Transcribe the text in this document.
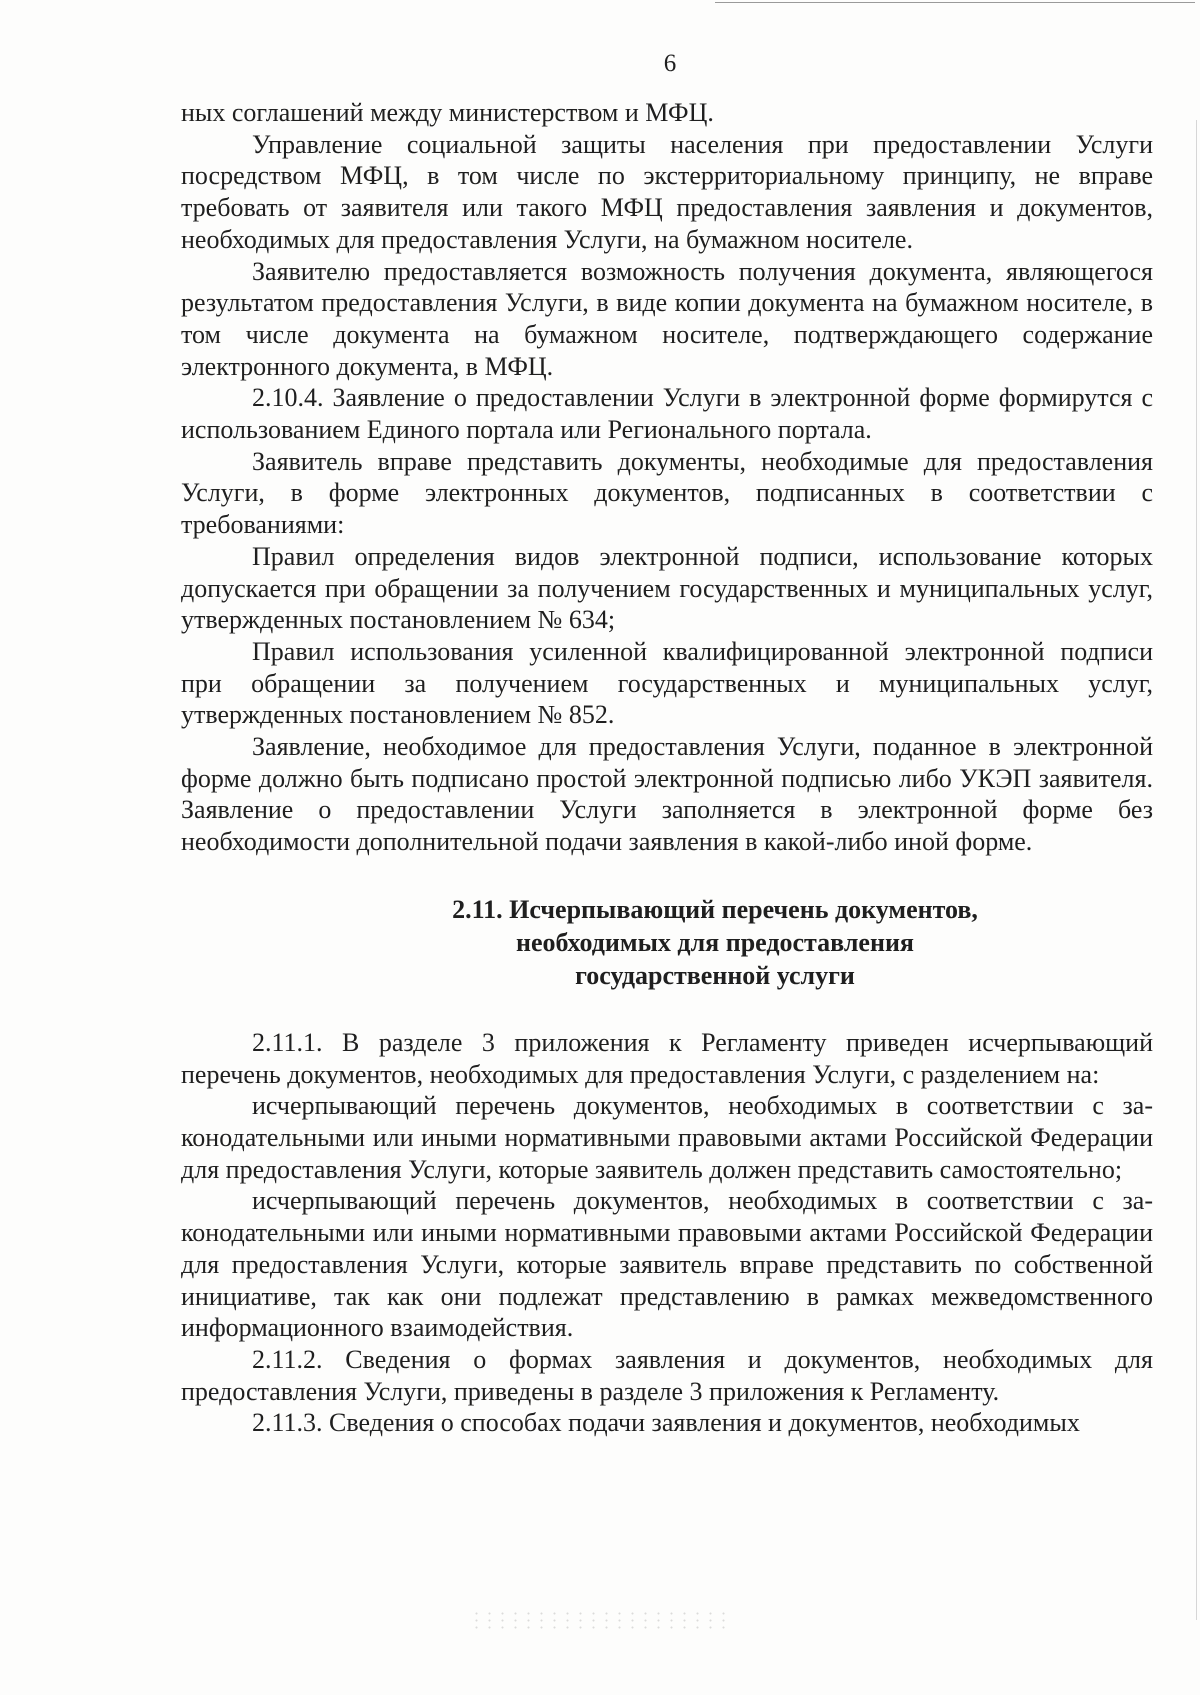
6

ных соглашений между министерством и МФЦ.

Управление социальной защиты населения при предоставлении Услуги посредством МФЦ, в том числе по экстерриториальному принципу, не вправе требовать от заявителя или такого МФЦ предоставления заявления и документов, необходимых для предоставления Услуги, на бумажном носителе.

Заявителю предоставляется возможность получения документа, являющегося результатом предоставления Услуги, в виде копии документа на бумажном носителе, в том числе документа на бумажном носителе, подтверждающего содержание электронного документа, в МФЦ.

2.10.4. Заявление о предоставлении Услуги в электронной форме формирутся с использованием Единого портала или Регионального портала.

Заявитель вправе представить документы, необходимые для предоставления Услуги, в форме электронных документов, подписанных в соответствии с требованиями:

Правил определения видов электронной подписи, использование которых допускается при обращении за получением государственных и муниципальных услуг, утвержденных постановлением № 634;

Правил использования усиленной квалифицированной электронной подписи при обращении за получением государственных и муниципальных услуг, утвержденных постановлением № 852.

Заявление, необходимое для предоставления Услуги, поданное в электронной форме должно быть подписано простой электронной подписью либо УКЭП заявителя. Заявление о предоставлении Услуги заполняется в электронной форме без необходимости дополнительной подачи заявления в какой-либо иной форме.

2.11. Исчерпывающий перечень документов,
необходимых для предоставления
государственной услуги

2.11.1. В разделе 3 приложения к Регламенту приведен исчерпывающий перечень документов, необходимых для предоставления Услуги, с разделением на:

исчерпывающий перечень документов, необходимых в соответствии с законодательными или иными нормативными правовыми актами Российской Федерации для предоставления Услуги, которые заявитель должен представить самостоятельно;

исчерпывающий перечень документов, необходимых в соответствии с законодательными или иными нормативными правовыми актами Российской Федерации для предоставления Услуги, которые заявитель вправе представить по собственной инициативе, так как они подлежат представлению в рамках межведомственного информационного взаимодействия.

2.11.2. Сведения о формах заявления и документов, необходимых для предоставления Услуги, приведены в разделе 3 приложения к Регламенту.

2.11.3. Сведения о способах подачи заявления и документов, необходимых
